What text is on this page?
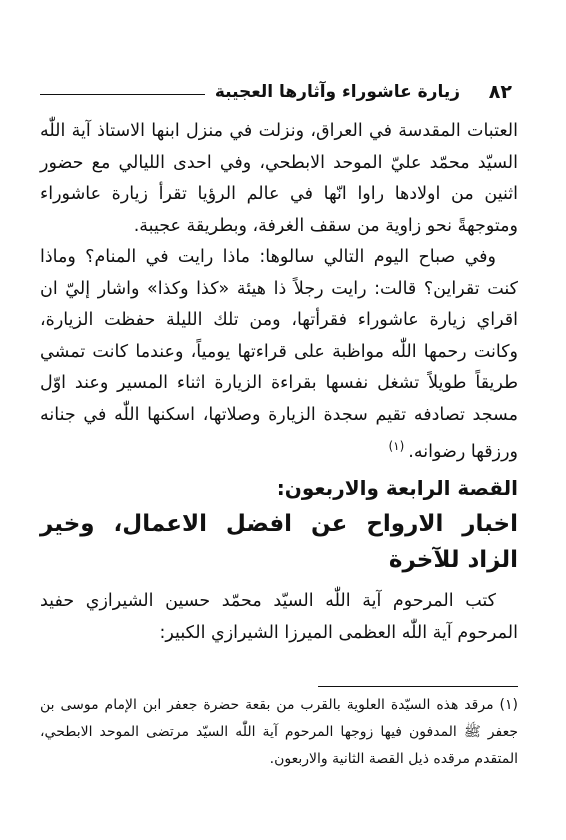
٨٢
زيارة عاشوراء وآثارها العجيبة

العتبات المقدسة في العراق، ونزلت في منزل ابنها الاستاذ آية اللّٰه السيّد محمّد عليّ الموحد الابطحي، وفي احدى الليالي مع حضور اثنين من اولادها راوا انّها في عالم الرؤيا تقرأ زيارة عاشوراء ومتوجهةً نحو زاوية من سقف الغرفة، وبطريقة عجيبة.

وفي صباح اليوم التالي سالوها: ماذا رايت في المنام؟ وماذا كنت تقراين؟ قالت: رايت رجلاً ذا هيئة «كذا وكذا» واشار إليّ ان اقراي زيارة عاشوراء فقرأتها، ومن تلك الليلة حفظت الزيارة، وكانت رحمها اللّٰه مواظبة على قراءتها يومياً، وعندما كانت تمشي طريقاً طويلاً تشغل نفسها بقراءة الزيارة اثناء المسير وعند اوّل مسجد تصادفه تقيم سجدة الزيارة وصلاتها، اسكنها اللّٰه في جنانه ورزقها رضوانه.$^{(١)}$

القصة الرابعة والاربعون:

اخبار الارواح عن افضل الاعمال، وخير الزاد للآخرة

كتب المرحوم آية اللّٰه السيّد محمّد حسين الشيرازي حفيد المرحوم آية اللّٰه العظمى الميرزا الشيرازي الكبير:

(١) مرقد هذه السيّدة العلوية بالقرب من بقعة حضرة جعفر ابن الإمام موسى بن جعفر ﷺ المدفون فيها زوجها المرحوم آية اللّٰه السيّد مرتضى الموحد الابطحي، المتقدم مرقده ذيل القصة الثانية والاربعون.
